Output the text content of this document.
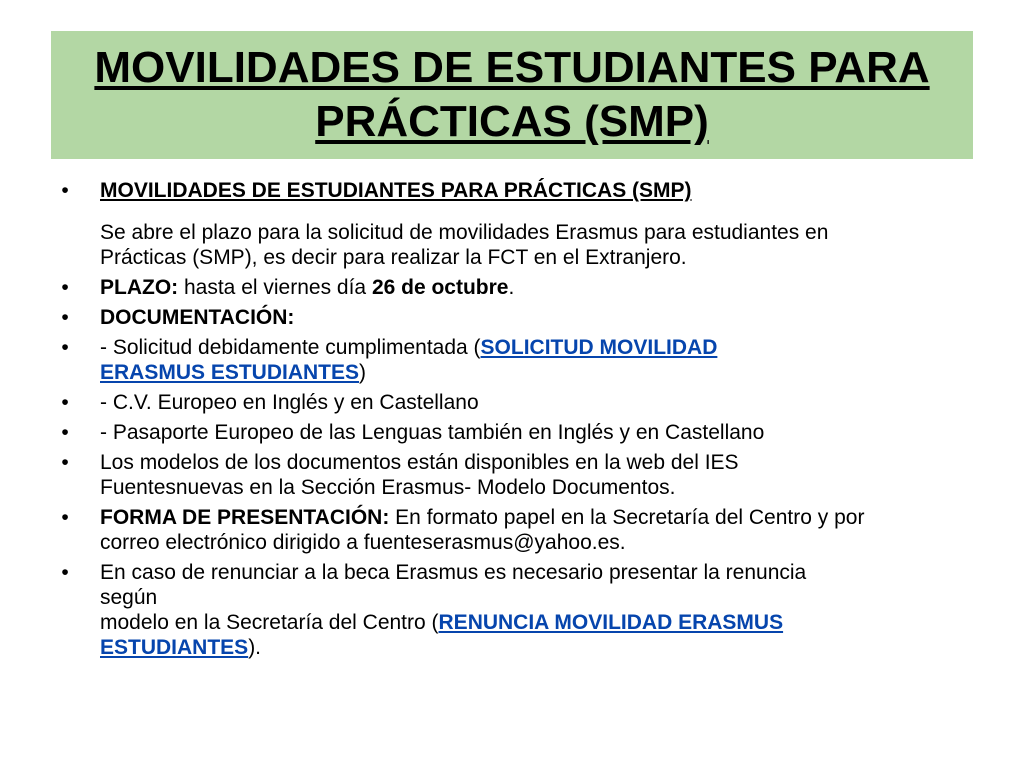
MOVILIDADES DE ESTUDIANTES PARA
PRÁCTICAS (SMP)
• MOVILIDADES DE ESTUDIANTES PARA PRÁCTICAS (SMP)
Se abre el plazo para la solicitud de movilidades Erasmus para estudiantes en
Prácticas (SMP), es decir para realizar la FCT en el Extranjero.
• PLAZO: hasta el viernes día 26 de octubre.
• DOCUMENTACIÓN:
• - Solicitud debidamente cumplimentada (SOLICITUD MOVILIDAD ERASMUS ESTUDIANTES)
• - C.V. Europeo en Inglés y en Castellano
• - Pasaporte Europeo de las Lenguas también en Inglés y en Castellano
• Los modelos de los documentos están disponibles en la web del IES
Fuentesnuevas en la Sección Erasmus- Modelo Documentos.
• FORMA DE PRESENTACIÓN: En formato papel en la Secretaría del Centro y por
correo electrónico dirigido a fuenteserasmus@yahoo.es.
• En caso de renunciar a la beca Erasmus es necesario presentar la renuncia según
modelo en la Secretaría del Centro (RENUNCIA MOVILIDAD ERASMUS ESTUDIANTES).
